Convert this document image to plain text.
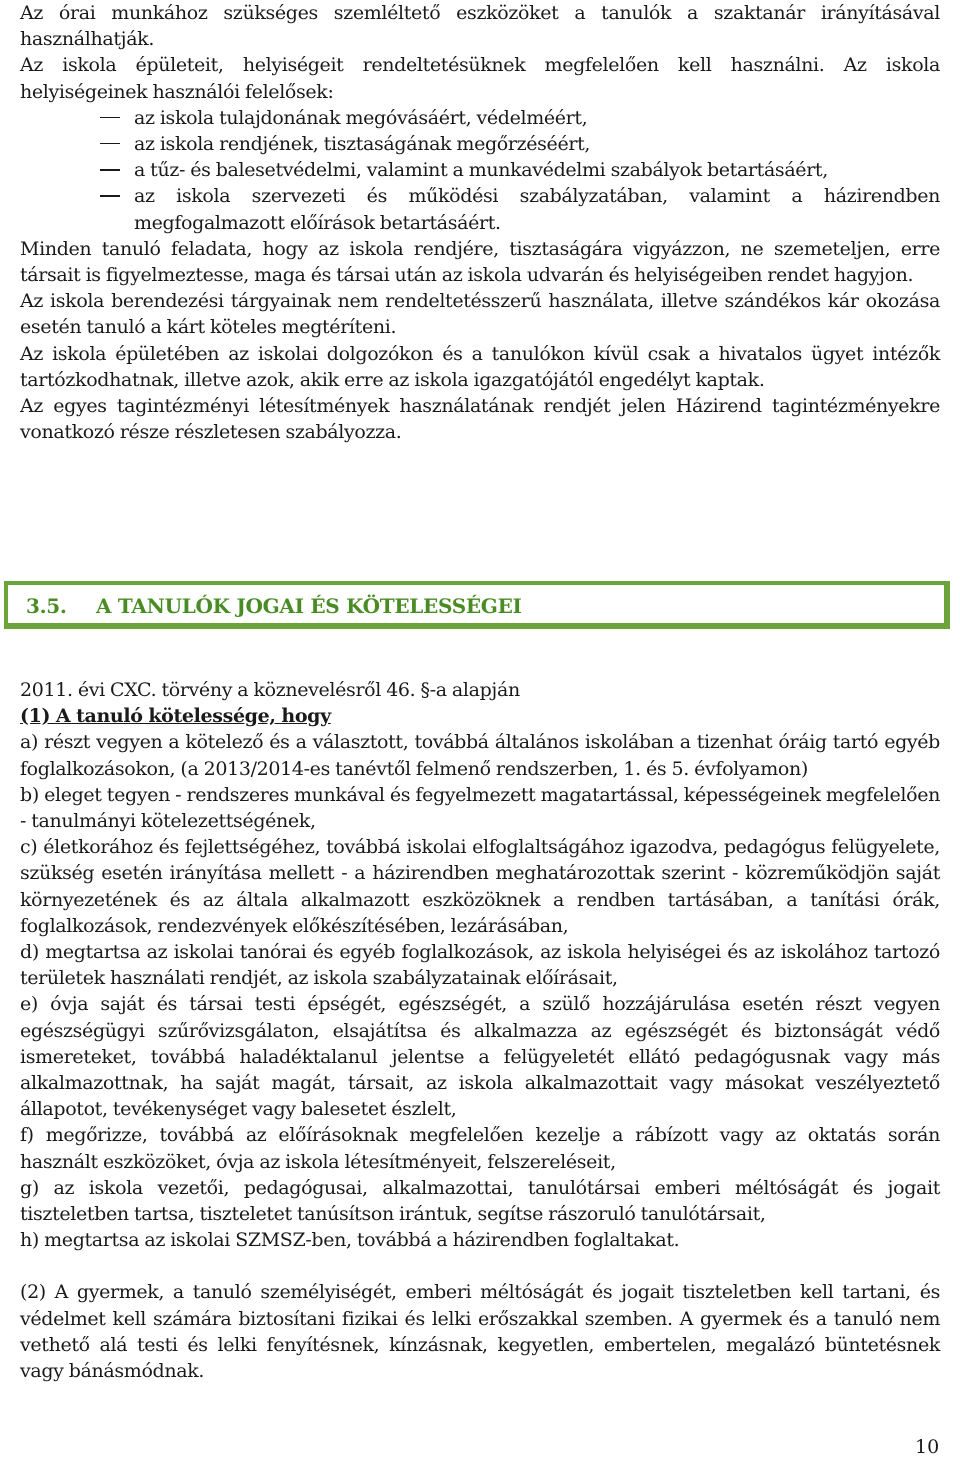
Az órai munkához szükséges szemléltető eszközöket a tanulók a szaktanár irányításával használhatják.

Az iskola épületeit, helyiségeit rendeltetésüknek megfelelően kell használni. Az iskola helyiségeinek használói felelősek:

az iskola tulajdonának megóvásáért, védelméért,
az iskola rendjének, tisztaságának megőrzéséért,
a tűz- és balesetvédelmi, valamint a munkavédelmi szabályok betartásáért,
az iskola szervezeti és működési szabályzatában, valamint a házirendben megfogalmazott előírások betartásáért.

Minden tanuló feladata, hogy az iskola rendjére, tisztaságára vigyázzon, ne szemeteljen, erre társait is figyelmeztesse, maga és társai után az iskola udvarán és helyiségeiben rendet hagyjon.

Az iskola berendezési tárgyainak nem rendeltetésszerű használata, illetve szándékos kár okozása esetén tanuló a kárt köteles megtéríteni.

Az iskola épületében az iskolai dolgozókon és a tanulókon kívül csak a hivatalos ügyet intézők tartózkodhatnak, illetve azok, akik erre az iskola igazgatójától engedélyt kaptak.

Az egyes tagintézményi létesítmények használatának rendjét jelen Házirend tagintézményekre vonatkozó része részletesen szabályozza.

3.5. A TANULÓK JOGAI ÉS KÖTELESSÉGEI

2011. évi CXC. törvény a köznevelésről 46. §-a alapján

(1) A tanuló kötelessége, hogy

a) részt vegyen a kötelező és a választott, továbbá általános iskolában a tizenhat óráig tartó egyéb foglalkozásokon, (a 2013/2014-es tanévtől felmenő rendszerben, 1. és 5. évfolyamon)

b) eleget tegyen - rendszeres munkával és fegyelmezett magatartással, képességeinek megfelelően - tanulmányi kötelezettségének,

c) életkorához és fejlettségéhez, továbbá iskolai elfoglaltságához igazodva, pedagógus felügyelete, szükség esetén irányítása mellett - a házirendben meghatározottak szerint - közreműködjön saját környezetének és az általa alkalmazott eszközöknek a rendben tartásában, a tanítási órák, foglalkozások, rendezvények előkészítésében, lezárásában,

d) megtartsa az iskolai tanórai és egyéb foglalkozások, az iskola helyiségei és az iskolához tartozó területek használati rendjét, az iskola szabályzatainak előírásait,

e) óvja saját és társai testi épségét, egészségét, a szülő hozzájárulása esetén részt vegyen egészségügyi szűrővizsgálaton, elsajátítsa és alkalmazza az egészségét és biztonságát védő ismereteket, továbbá haladéktalanul jelentse a felügyeletét ellátó pedagógusnak vagy más alkalmazottnak, ha saját magát, társait, az iskola alkalmazottait vagy másokat veszélyeztető állapotot, tevékenységet vagy balesetet észlelt,

f) megőrizze, továbbá az előírásoknak megfelelően kezelje a rábízott vagy az oktatás során használt eszközöket, óvja az iskola létesítményeit, felszereléseit,

g) az iskola vezetői, pedagógusai, alkalmazottai, tanulótársai emberi méltóságát és jogait tiszteletben tartsa, tiszteletet tanúsítson irántuk, segítse rászoruló tanulótársait,

h) megtartsa az iskolai SZMSZ-ben, továbbá a házirendben foglaltakat.

(2) A gyermek, a tanuló személyiségét, emberi méltóságát és jogait tiszteletben kell tartani, és védelmet kell számára biztosítani fizikai és lelki erőszakkal szemben. A gyermek és a tanuló nem vethető alá testi és lelki fenyítésnek, kínzásnak, kegyetlen, embertelen, megalázó büntetésnek vagy bánásmódnak.

10
